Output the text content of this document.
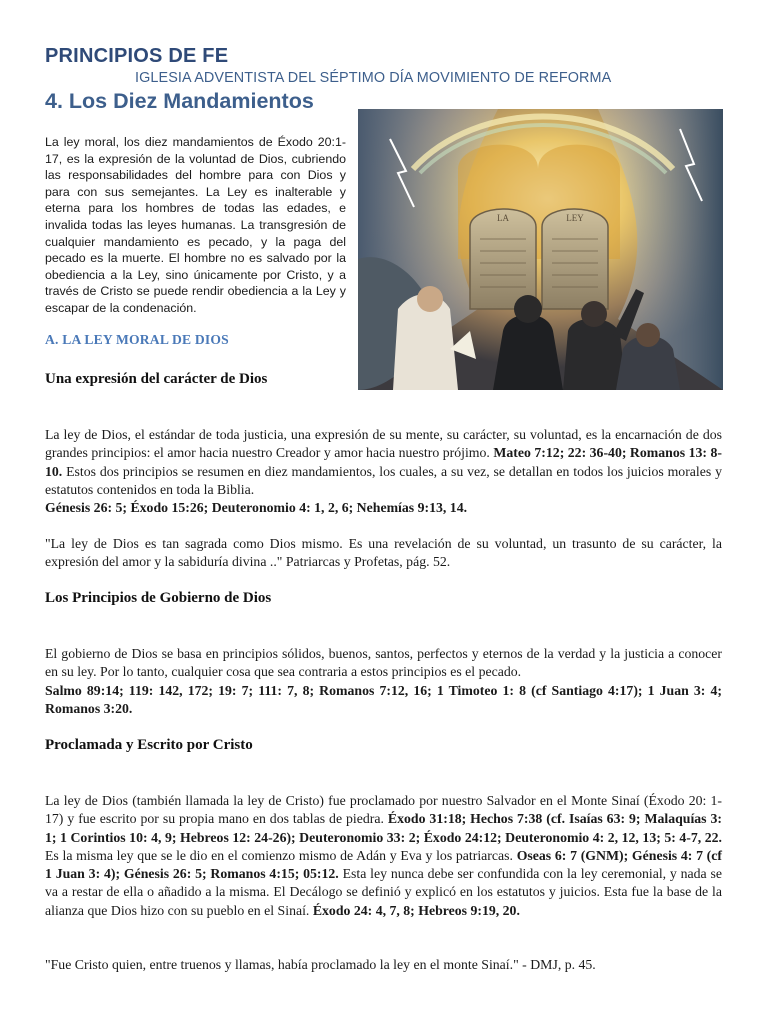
PRINCIPIOS DE FE

IGLESIA ADVENTISTA DEL SÉPTIMO DÍA MOVIMIENTO DE REFORMA

4. Los Diez Mandamientos

La ley moral, los diez mandamientos de Éxodo 20:1-17, es la expresión de la voluntad de Dios, cubriendo las responsabilidades del hombre para con Dios y para con sus semejantes. La Ley es inalterable y eterna para los hombres de todas las edades, e invalida todas las leyes humanas. La transgresión de cualquier mandamiento es pecado, y la paga del pecado es la muerte. El hombre no es salvado por la obediencia a la Ley, sino únicamente por Cristo, y a través de Cristo se puede rendir obediencia a la Ley y escapar de la condenación.

A. LA LEY MORAL DE DIOS

LA	LEY
Una expresión del carácter de Dios

La ley de Dios, el estándar de toda justicia, una expresión de su mente, su carácter, su voluntad, es la encarnación de dos grandes principios: el amor hacia nuestro Creador y amor hacia nuestro prójimo. Mateo 7:12; 22: 36-40; Romanos 13: 8-10. Estos dos principios se resumen en diez mandamientos, los cuales, a su vez, se detallan en todos los juicios morales y estatutos contenidos en toda la Biblia.
Génesis 26: 5; Éxodo 15:26; Deuteronomio 4: 1, 2, 6; Nehemías 9:13, 14.

"La ley de Dios es tan sagrada como Dios mismo. Es una revelación de su voluntad, un trasunto de su carácter, la expresión del amor y la sabiduría divina .." Patriarcas y Profetas, pág. 52.

Los Principios de Gobierno de Dios

El gobierno de Dios se basa en principios sólidos, buenos, santos, perfectos y eternos de la verdad y la justicia a conocer en su ley. Por lo tanto, cualquier cosa que sea contraria a estos principios es el pecado.
Salmo 89:14; 119: 142, 172; 19: 7; 111: 7, 8; Romanos 7:12, 16; 1 Timoteo 1: 8 (cf Santiago 4:17); 1 Juan 3: 4; Romanos 3:20.

Proclamada y Escrito por Cristo

La ley de Dios (también llamada la ley de Cristo) fue proclamado por nuestro Salvador en el Monte Sinaí (Éxodo 20: 1-17) y fue escrito por su propia mano en dos tablas de piedra. Éxodo 31:18; Hechos 7:38 (cf. Isaías 63: 9; Malaquías 3: 1; 1 Corintios 10: 4, 9; Hebreos 12: 24-26); Deuteronomio 33: 2; Éxodo 24:12; Deuteronomio 4: 2, 12, 13; 5: 4-7, 22. Es la misma ley que se le dio en el comienzo mismo de Adán y Eva y los patriarcas. Oseas 6: 7 (GNM); Génesis 4: 7 (cf 1 Juan 3: 4); Génesis 26: 5; Romanos 4:15; 05:12. Esta ley nunca debe ser confundida con la ley ceremonial, y nada se va a restar de ella o añadido a la misma. El Decálogo se definió y explicó en los estatutos y juicios. Esta fue la base de la alianza que Dios hizo con su pueblo en el Sinaí. Éxodo 24: 4, 7, 8; Hebreos 9:19, 20.

"Fue Cristo quien, entre truenos y llamas, había proclamado la ley en el monte Sinaí." - DMJ, p. 45.
